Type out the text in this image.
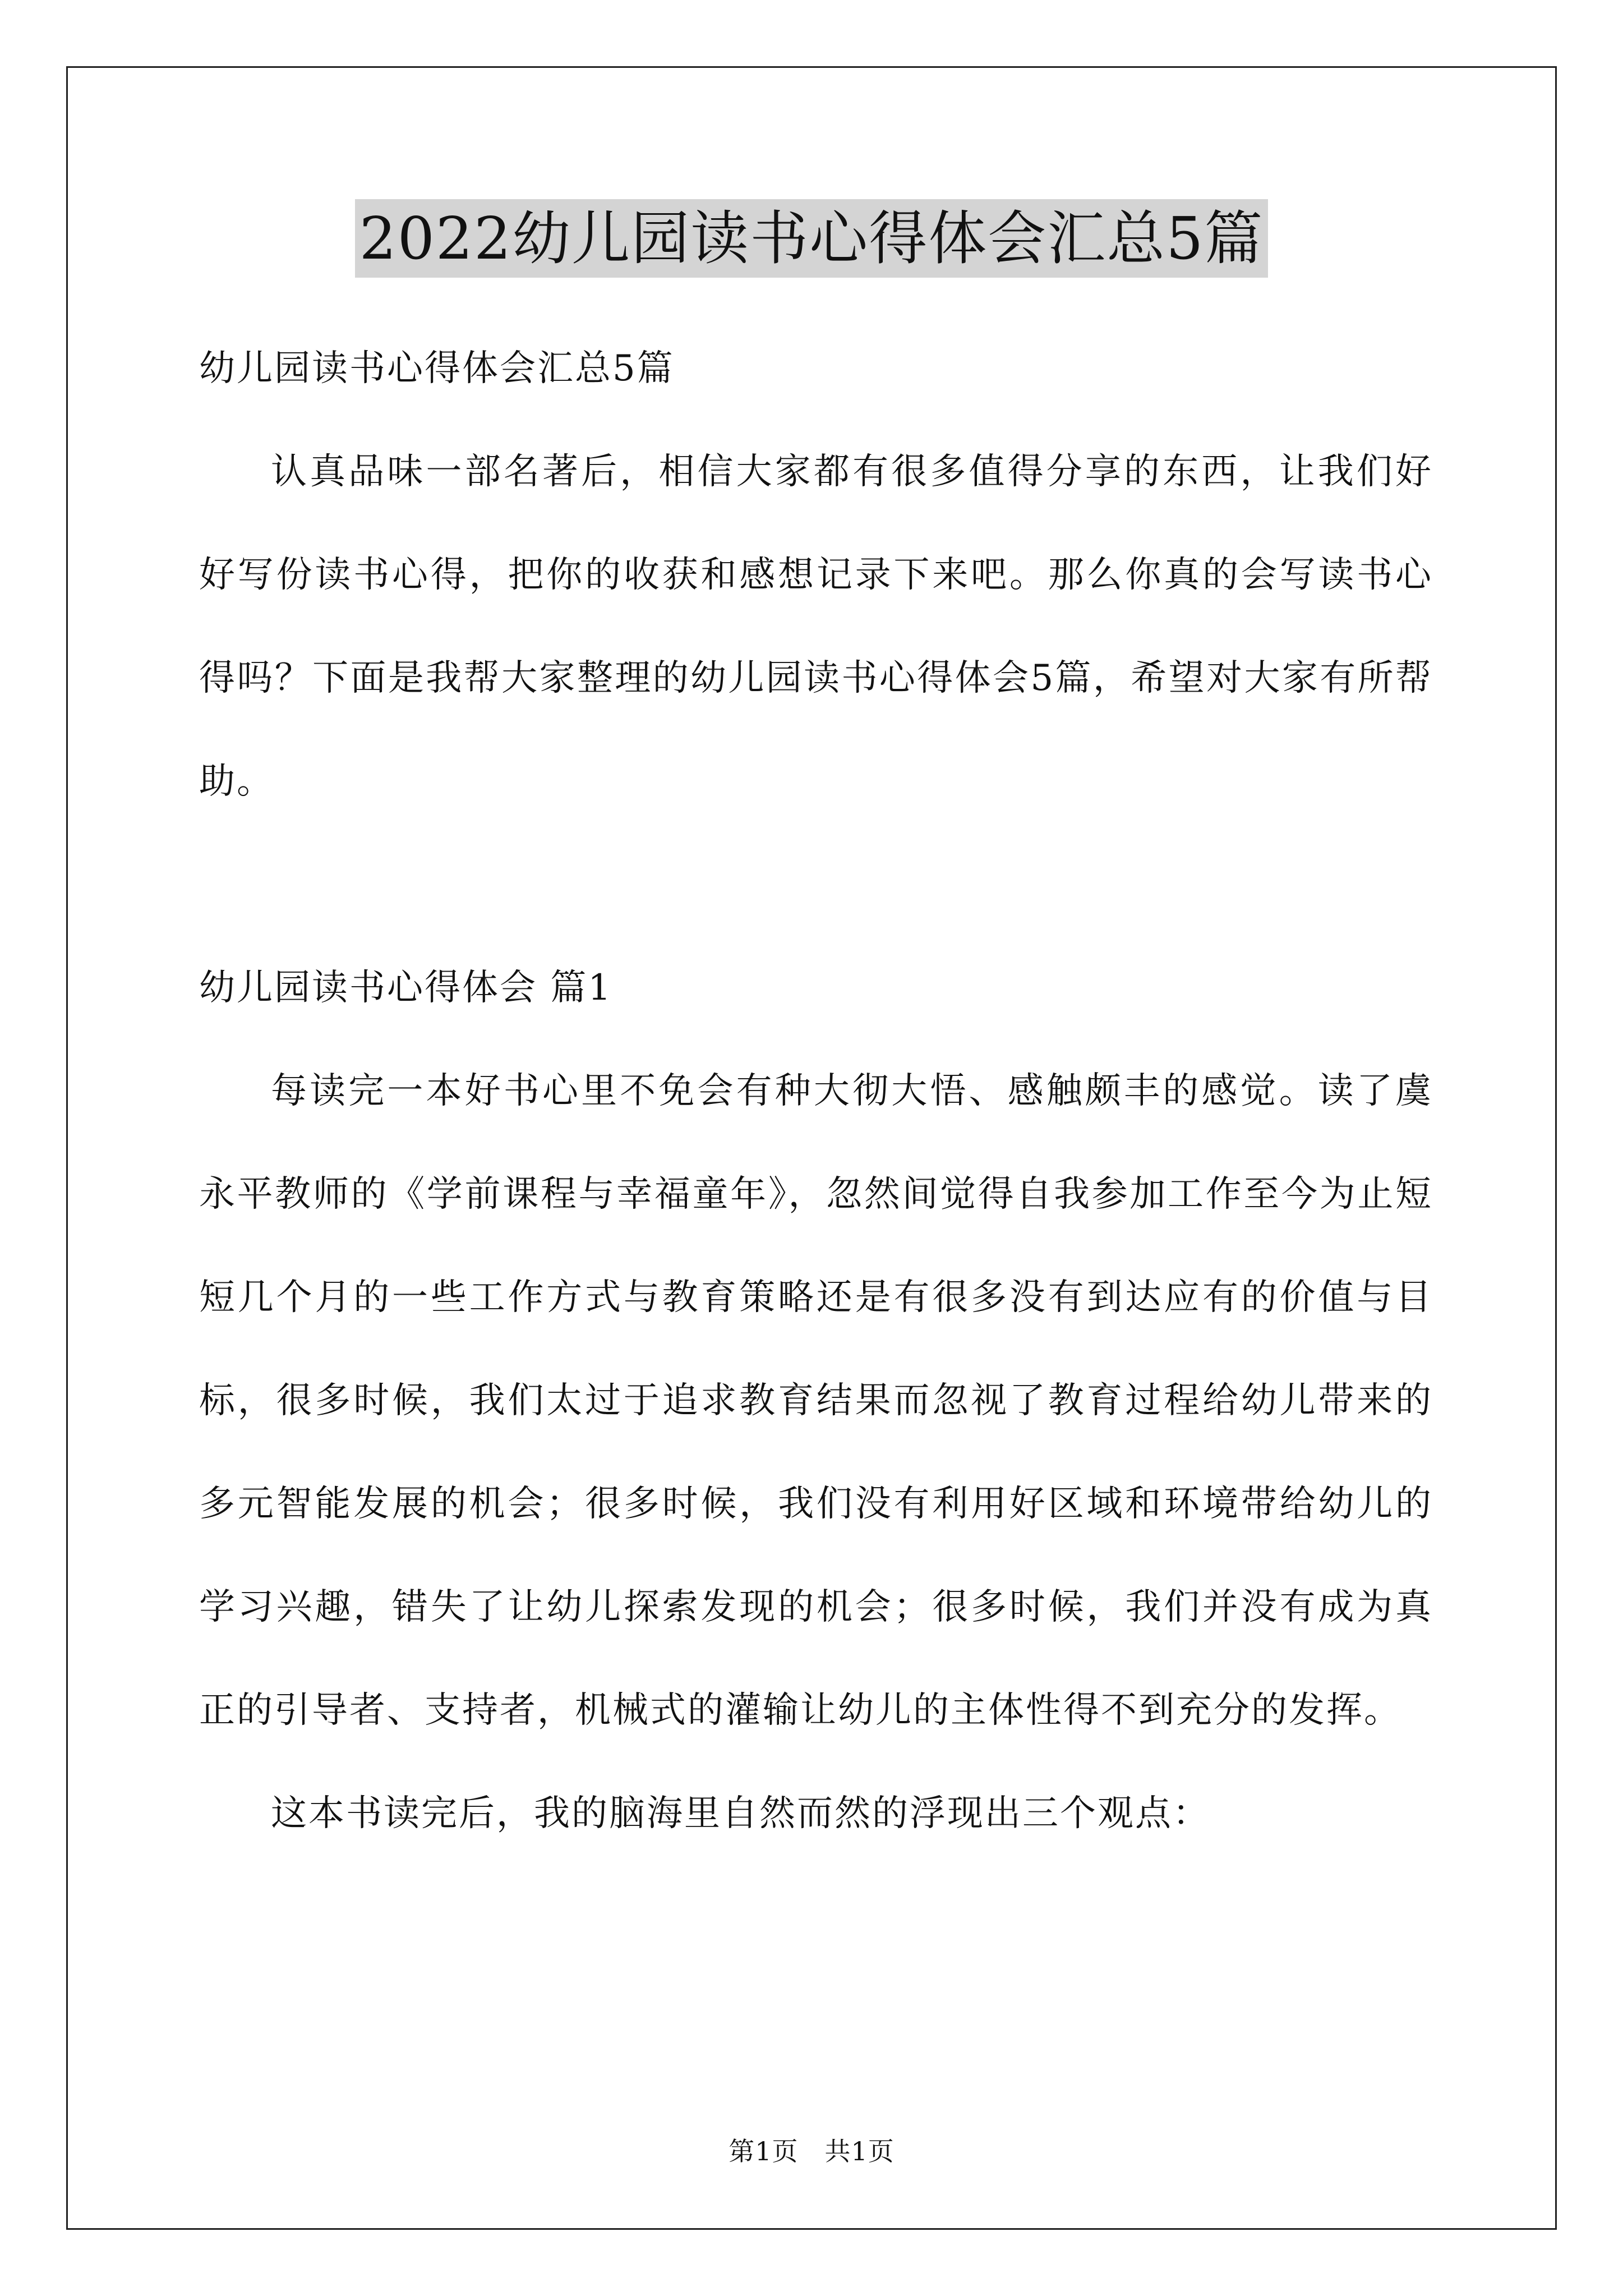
2022幼儿园读书心得体会汇总5篇

幼儿园读书心得体会汇总5篇

认真品味一部名著后，相信大家都有很多值得分享的东西，让我们好好写份读书心得，把你的收获和感想记录下来吧。那么你真的会写读书心得吗？下面是我帮大家整理的幼儿园读书心得体会5篇，希望对大家有所帮助。

幼儿园读书心得体会 篇1

每读完一本好书心里不免会有种大彻大悟、感触颇丰的感觉。读了虞永平教师的《学前课程与幸福童年》，忽然间觉得自我参加工作至今为止短短几个月的一些工作方式与教育策略还是有很多没有到达应有的价值与目标，很多时候，我们太过于追求教育结果而忽视了教育过程给幼儿带来的多元智能发展的机会；很多时候，我们没有利用好区域和环境带给幼儿的学习兴趣，错失了让幼儿探索发现的机会；很多时候，我们并没有成为真正的引导者、支持者，机械式的灌输让幼儿的主体性得不到充分的发挥。

这本书读完后，我的脑海里自然而然的浮现出三个观点：

第1页 共1页
